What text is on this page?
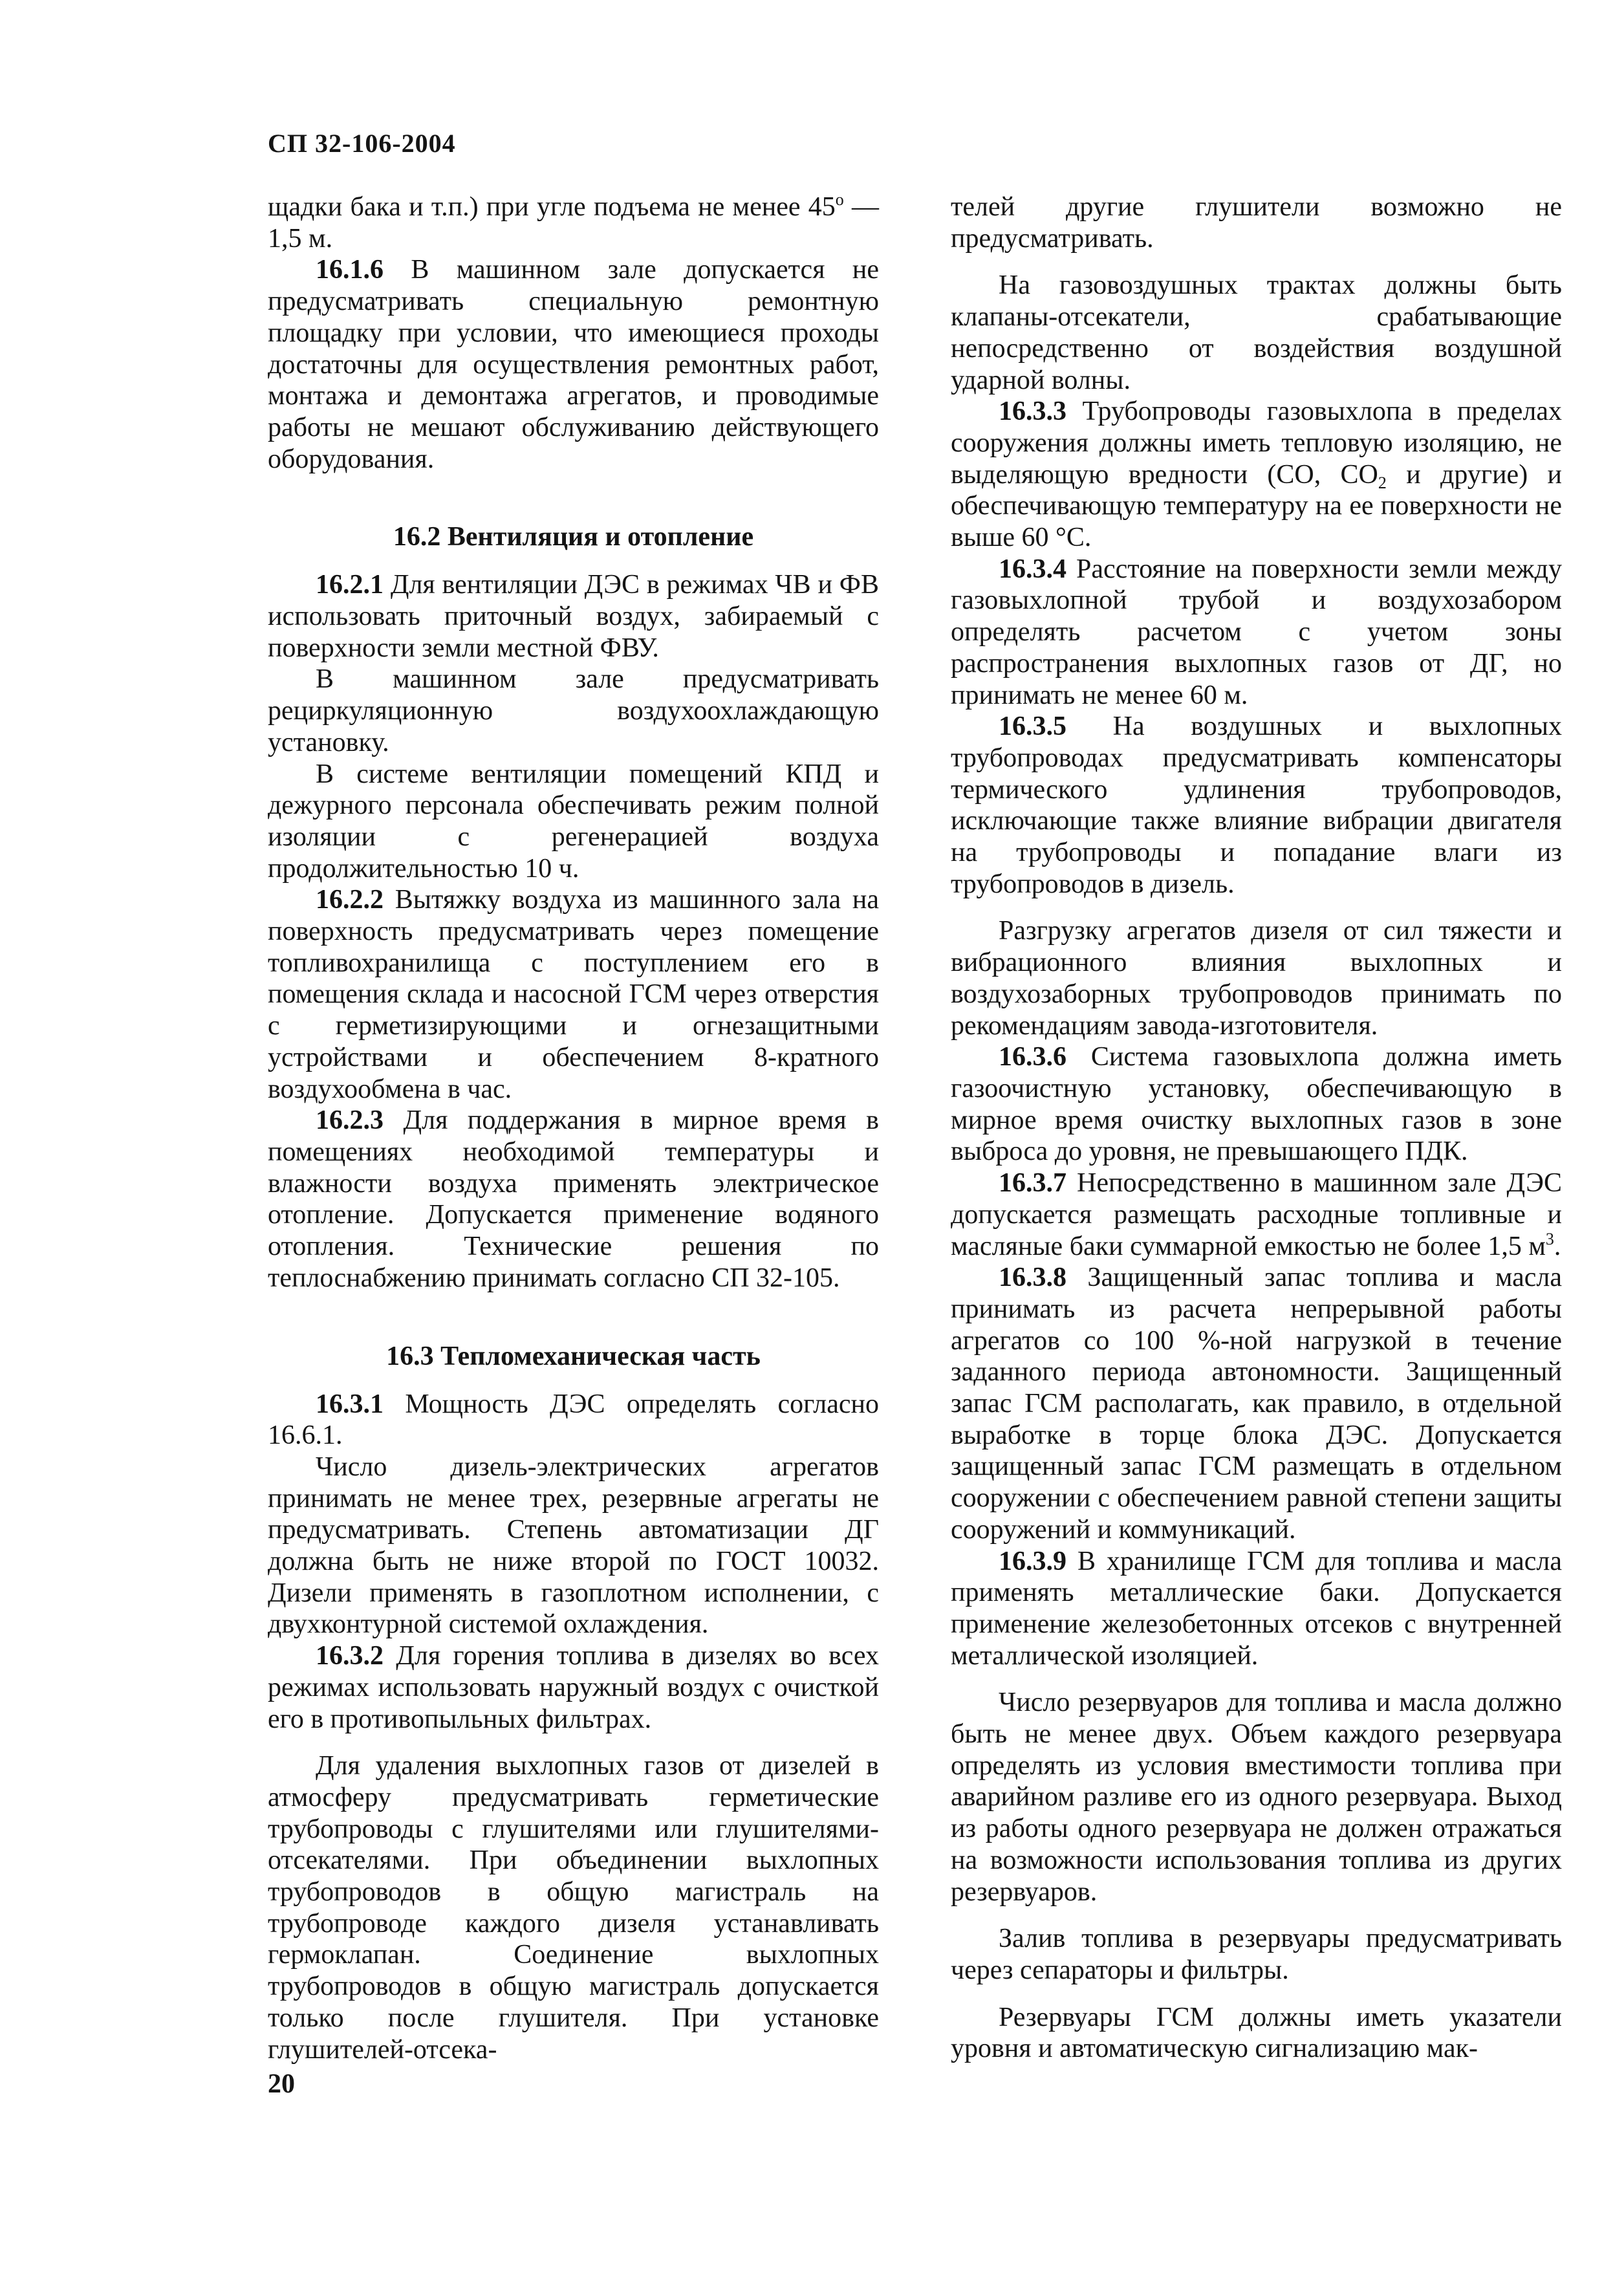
СП 32-106-2004

щадки бака и т.п.) при угле подъема не менее $45^о$ — 1,5 м.

16.1.6 В машинном зале допускается не предусматривать специальную ремонтную площадку при условии, что имеющиеся проходы достаточны для осуществления ремонтных работ, монтажа и демонтажа агрегатов, и проводимые работы не мешают обслуживанию действующего оборудования.

16.2 Вентиляция и отопление

16.2.1 Для вентиляции ДЭС в режимах ЧВ и ФВ использовать приточный воздух, забираемый с поверхности земли местной ФВУ.

В машинном зале предусматривать рециркуляционную воздухоохлаждающую установку.

В системе вентиляции помещений КПД и дежурного персонала обеспечивать режим полной изоляции с регенерацией воздуха продолжительностью 10 ч.

16.2.2 Вытяжку воздуха из машинного зала на поверхность предусматривать через помещение топливохранилища с поступлением его в помещения склада и насосной ГСМ через отверстия с герметизирующими и огнезащитными устройствами и обеспечением 8-кратного воздухообмена в час.

16.2.3 Для поддержания в мирное время в помещениях необходимой температуры и влажности воздуха применять электрическое отопление. Допускается применение водяного отопления. Технические решения по теплоснабжению принимать согласно СП 32-105.

16.3 Тепломеханическая часть

16.3.1 Мощность ДЭС определять согласно 16.6.1.

Число дизель-электрических агрегатов принимать не менее трех, резервные агрегаты не предусматривать. Степень автоматизации ДГ должна быть не ниже второй по ГОСТ 10032. Дизели применять в газоплотном исполнении, с двухконтурной системой охлаждения.

16.3.2 Для горения топлива в дизелях во всех режимах использовать наружный воздух с очисткой его в противопыльных фильтрах.

Для удаления выхлопных газов от дизелей в атмосферу предусматривать герметические трубопроводы с глушителями или глушителями-отсекателями. При объединении выхлопных трубопроводов в общую магистраль на трубопроводе каждого дизеля устанавливать гермоклапан. Соединение выхлопных трубопроводов в общую магистраль допускается только после глушителя. При установке глушителей-отсека-

телей другие глушители возможно не предусматривать.

На газовоздушных трактах должны быть клапаны-отсекатели, срабатывающие непосредственно от воздействия воздушной ударной волны.

16.3.3 Трубопроводы газовыхлопа в пределах сооружения должны иметь тепловую изоляцию, не выделяющую вредности (СО, $СО_2$ и другие) и обеспечивающую температуру на ее поверхности не выше 60 °С.

16.3.4 Расстояние на поверхности земли между газовыхлопной трубой и воздухозабором определять расчетом с учетом зоны распространения выхлопных газов от ДГ, но принимать не менее 60 м.

16.3.5 На воздушных и выхлопных трубопроводах предусматривать компенсаторы термического удлинения трубопроводов, исключающие также влияние вибрации двигателя на трубопроводы и попадание влаги из трубопроводов в дизель.

Разгрузку агрегатов дизеля от сил тяжести и вибрационного влияния выхлопных и воздухозаборных трубопроводов принимать по рекомендациям завода-изготовителя.

16.3.6 Система газовыхлопа должна иметь газоочистную установку, обеспечивающую в мирное время очистку выхлопных газов в зоне выброса до уровня, не превышающего ПДК.

16.3.7 Непосредственно в машинном зале ДЭС допускается размещать расходные топливные и масляные баки суммарной емкостью не более 1,5 $м^3$.

16.3.8 Защищенный запас топлива и масла принимать из расчета непрерывной работы агрегатов со 100 %-ной нагрузкой в течение заданного периода автономности. Защищенный запас ГСМ располагать, как правило, в отдельной выработке в торце блока ДЭС. Допускается защищенный запас ГСМ размещать в отдельном сооружении с обеспечением равной степени защиты сооружений и коммуникаций.

16.3.9 В хранилище ГСМ для топлива и масла применять металлические баки. Допускается применение железобетонных отсеков с внутренней металлической изоляцией.

Число резервуаров для топлива и масла должно быть не менее двух. Объем каждого резервуара определять из условия вместимости топлива при аварийном разливе его из одного резервуара. Выход из работы одного резервуара не должен отражаться на возможности использования топлива из других резервуаров.

Залив топлива в резервуары предусматривать через сепараторы и фильтры.

Резервуары ГСМ должны иметь указатели уровня и автоматическую сигнализацию мак-

20
